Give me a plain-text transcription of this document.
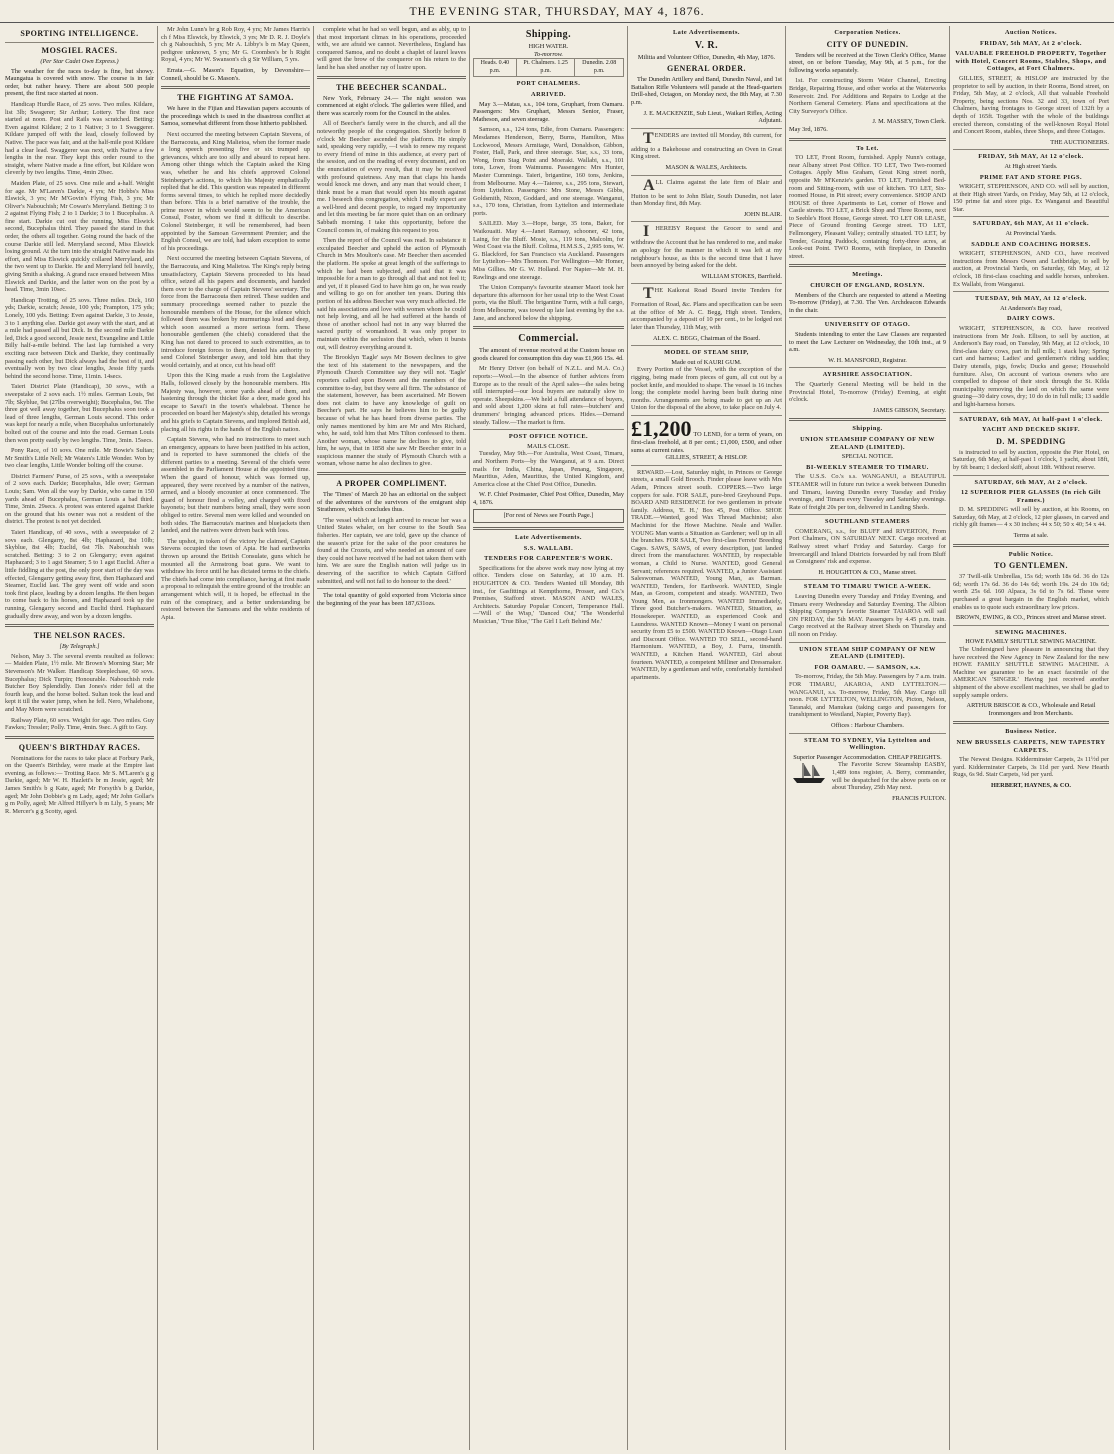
THE EVENING STAR, THURSDAY, MAY 4, 1876.
SPORTING INTELLIGENCE.
MOSGIEL RACES.
(Per Star Cadet Own Express.)

The weather for the races to-day is fine, but showy. Maungatua is covered with snow. The course is in fair order, but rather heavy. There are about 500 people present, the first race started at noon.

Handicap Hurdle Race, of 25 sovs. Two miles. Kildare, list 3lb; Swagerer; Sir Arthur; Lottery. The first race started at noon. Post and Rails was scratched. Betting: Even against Kildare; 2 to 1 Native; 3 to 1 Swaggerer. Kildare jumped off with the lead, closely followed by Native. The pace was fair, and at the half-mile post Kildare had a clear lead. Swaggerer was next, with Native a few lengths in the rear. They kept this order round to the straight, where Native made a fine effort, but Kildare won cleverly by two lengths. Time, 4min 20sec.

Maiden Plate, of 25 sovs. One mile and a-half. Weight for age. Mr M'Laren's Darkie, 4 yrs; Mr Hobbs's Miss Elswick, 3 yrs; Mr M'Govin's Flying Fish, 3 yrs; Mr Oliver's Nabouchish; Mr Cowan's Merryland. Betting: 3 to 2 against Flying Fish; 2 to 1 Darkie; 3 to 1 Bucephalus. A fine start. Darkie cut out the running, Miss Elswick second, Bucephalus third. They passed the stand in that order, the others all together. Going round the back of the course Darkie still led. Merryland second, Miss Elswick losing ground. At the turn into the straight Native made his effort, and Miss Elswick quickly collared Merryland, and the two went up to Darkie. He and Merryland fell heavily, giving Smith a shaking. A grand race ensued between Miss Elswick and Darkie, and the latter won on the post by a head. Time, 3min 10sec.

Handicap Trotting, of 25 sovs. Three miles. Dick, 160 yds; Darkie, scratch; Jessie, 100 yds; Frampton, 175 yds; Lonely, 100 yds. Betting: Even against Darkie, 3 to Jessie, 3 to 1 anything else. Darkie got away with the start, and at a mile had passed all but Dick. In the second mile Darkie led, Dick a good second, Jessie next, Evangeline and Little Billy half-a-mile behind. The last lap furnished a very exciting race between Dick and Darkie, they continually passing each other, but Dick always had the best of it, and eventually won by two clear lengths, Jessie fifty yards behind the second horse. Time, 11min. 14secs.

Taieri District Plate (Handicap), 30 sovs., with a sweepstake of 2 sovs each. 1½ miles. German Louis, 9st 7lb; Skyblue, 9st (27lbs overweight); Bucephalus, 9st. The three got well away together, but Bucephalus soon took a lead of three lengths, German Louis second. This order was kept for nearly a mile, when Bucephalus unfortunately bolted out of the course and into the road. German Louis then won pretty easily by two lengths. Time, 3min. 15secs.

Pony Race, of 10 sovs. One mile. Mr Bowie's Sultan; Mr Smith's Little Nell; Mr Waters's Little Wonder. Won by two clear lengths, Little Wonder bolting off the course.

District Farmers' Purse, of 25 sovs., with a sweepstake of 2 sovs each. Darkie; Bucephalus, Idle over; German Louis; Sam. Won all the way by Darkie, who came in 150 yards ahead of Bucephalus, German Louis a bad third. Time, 3min. 29secs. A protest was entered against Darkie on the ground that his owner was not a resident of the district. The protest is not yet decided.

Taieri Handicap, of 40 sovs., with a sweepstake of 2 sovs each. Glengarry, 8st 4lb; Haphazard, 8st 10lb; Skyblue, 8st 4lb; Euclid, 6st 7lb. Nabouchish was scratched. Betting: 3 to 2 on Glengarry; even against Haphazard; 3 to 1 agst Steamer; 5 to 1 agst Euclid. After a little fiddling at the post, the only poor start of the day was effected, Glengarry getting away first, then Haphazard and Steamer, Euclid last. The grey went off wide and soon took first place, leading by a dozen lengths. He then began to come back to his horses, and Haphazard took up the running, Glengarry second and Euclid third. Haphazard gradually drew away, and won by a dozen lengths.

THE NELSON RACES.
[By Telegraph.]

Nelson, May 3. The several events resulted as follows:— Maiden Plate, 1½ mile. Mr Brown's Morning Star; Mr Stevenson's Mr Walker. Handicap Steeplechase, 60 sovs. Bucephalus; Dick Turpin; Honourable. Nabouchish rode Butcher Boy Splendidly. Dan Jones's rider fell at the fourth leap, and the horse bolted. Sultan took the lead and kept it till the water jump, when he fell. Nero, Whalebone, and May Morn were scratched.

Railway Plate, 60 sovs. Weight for age. Two miles. Guy Fawkes; Tressler; Polly. Time, 4min. 9sec. A gift to Guy.

QUEEN'S BIRTHDAY RACES.

Nominations for the races to take place at Forbury Park, on the Queen's Birthday, were made at the Empire last evening, as follows:— Trotting Race. Mr S. M'Laren's g g Darkie, aged; Mr W. H. Hazlett's br m Jessie, aged; Mr James Smith's b g Kate, aged; Mr Forsyth's b g Darkie, aged; Mr John Dobbie's g m Lady, aged; Mr John Gollar's g m Polly, aged; Mr Alfred Hillyer's b m Lily, 5 years; Mr R. Mercer's g g Scotty, aged.

Mr John Lunn's br g Rob Roy, 4 yrs; Mr James Harris's ch f Miss Elswick, by Elswick, 3 yrs; Mr D. R. J. Doyle's ch g Nabouchish, 5 yrs; Mr A. Libby's b m May Queen, pedigree unknown, 5 yrs; Mr G. Coombes's br h Right Royal, 4 yrs; Mr W. Swanson's ch g Sir William, 5 yrs.

Errata.—G. Mason's Equation, by Devonshire—Conneil, should be G. Mason's.

THE FIGHTING AT SAMOA.

We have in the Fijian and Hawaiian papers accounts of the proceedings which is used in the disastrous conflict at Samoa, somewhat different from those hitherto published.

Next occurred the meeting between Captain Stevens, of the Barracouta, and King Malietoa, when the former made a long speech presenting five or six trumped up grievances, which are too silly and absurd to repeat here. Among other things which the Captain asked the King was, whether he and his chiefs approved Colonel Steinberger's actions, to which his Majesty emphatically replied that he did. This question was repeated in different forms several times, to which he replied more decidedly than before. This is a brief narrative of the trouble, the prime mover in which would seem to be the American Consul, Foster, whom we find it difficult to describe. Colonel Steinberger, it will be remembered, had been appointed by the Samoan Government Premier; and the English Consul, we are told, had taken exception to some of his proceedings.

Next occurred the meeting between Captain Stevens, of the Barracouta, and King Malietoa. The King's reply being unsatisfactory, Captain Stevens proceeded to his head office, seized all his papers and documents, and handed them over to the charge of Captain Stevens' secretary. The force from the Barracouta then retired. These sudden and summary proceedings seemed rather to puzzle the honourable members of the House, for the silence which followed them was broken by murmurings loud and deep, which soon assumed a more serious form. These honourable gentlemen (the chiefs) considered that the King has not dared to proceed to such extremities, as to introduce foreign forces to them, denied his authority to send Colonel Steinberger away, and told him that they would certainly, and at once, cut his head off!

Upon this the King made a rush from the Legislative Halls, followed closely by the honourable members. His Majesty was, however, some yards ahead of them, and hastening through the thicket like a deer, made good his escape to Savai'i in the town's whaleboat. Thence he proceeded on board her Majesty's ship, detailed his wrongs and his griefs to Captain Stevens, and implored British aid, placing all his rights in the hands of the English nation.

Captain Stevens, who had no instructions to meet such an emergency, appears to have been justified in his action, and is reported to have summoned the chiefs of the different parties to a meeting. Several of the chiefs were assembled in the Parliament House at the appointed time. When the guard of honour, which was formed up, appeared, they were received by a number of the natives, armed, and a bloody encounter at once commenced. The guard of honour fired a volley, and charged with fixed bayonets; but their numbers being small, they were soon obliged to retire. Several men were killed and wounded on both sides. The Barracouta's marines and bluejackets then landed, and the natives were driven back with loss.

The upshot, in token of the victory he claimed, Captain Stevens occupied the town of Apia. He had earthworks thrown up around the British Consulate, guns which he mounted all the Armstrong boat guns. We want to withdraw his force until he has dictated terms to the chiefs. The chiefs had come into compliance, having at first made a proposal to relinquish the entire ground of the trouble: an arrangement which will, it is hoped, be effectual in the ruin of the conspiracy, and a better understanding be restored between the Samoans and the white residents of Apia.

complete what he had so well begun, and as ably, up to that most important climax in his operations, proceeded with, we are afraid we cannot. Nevertheless, England has conquered Samoa, and no doubt a chaplet of laurel leaves will greet the brow of the conqueror on his return to the land he has shed another ray of lustre upon.

THE BEECHER SCANDAL.

New York, February 24.— The night session was commenced at eight o'clock. The galleries were filled, and there was scarcely room for the Council in the aisles.

All of Beecher's family were in the church, and all the noteworthy people of the congregation. Shortly before 8 o'clock Mr Beecher ascended the platform. He simply said, speaking very rapidly, —I wish to renew my request to every friend of mine in this audience, at every part of the session, and on the reading of every document, and on the enunciation of every result, that it may be received with profound quietness. Any man that claps his hands would knock me down, and any man that would cheer, I think must be a man that would open his mouth against me. I beseech this congregation, which I really expect are a well-bred and decent people, to regard my importunity and let this meeting be far more quiet than on an ordinary Sabbath morning. I take this opportunity, before the Council comes in, of making this request to you.

Then the report of the Council was read. In substance it exculpated Beecher and upheld the action of Plymouth Church in Mrs Moulton's case. Mr Beecher then ascended the platform. He spoke at great length of the sufferings to which he had been subjected, and said that it was impossible for a man to go through all that and not feel it; and yet, if it pleased God to have him go on, he was ready and willing to go on for another ten years. During this portion of his address Beecher was very much affected. He said his associations and love with women whom he could not help loving, and all he had suffered at the hands of those of another school had not in any way blurred the sacred purity of womanhood. It was only proper to maintain within the seclusion that which, when it bursts out, will destroy everything around it.

The Brooklyn 'Eagle' says Mr Bowen declines to give the text of his statement to the newspapers, and the Plymouth Church Committee say they will not. 'Eagle' reporters called upon Bowen and the members of the committee to-day, but they were all firm. The substance of the statement, however, has been ascertained. Mr Bowen does not claim to have any knowledge of guilt on Beecher's part. He says he believes him to be guilty because of what he has heard from diverse parties. The only names mentioned by him are Mr and Mrs Richard, who, he said, told him that Mrs Tilton confessed to them. Another woman, whose name he declines to give, told him, he says, that in 1858 she saw Mr Beecher enter in a suspicious manner the study of Plymouth Church with a woman, whose name he also declines to give.

A PROPER COMPLIMENT.

The 'Times' of March 20 has an editorial on the subject of the adventures of the survivors of the emigrant ship Strathmore, which concludes thus.

'The vessel which at length arrived to rescue her was a United States whaler, on her course to the South Sea fisheries. Her captain, we are told, gave up the chance of the season's prize for the sake of the poor creatures he found at the Crozets, and who needed an amount of care they could not have received if he had not taken them with him. We are sure the English nation will judge us in deserving of the sacrifice to which Captain Gifford submitted, and will not fail to do honour to the deed.'

The total quantity of gold exported from Victoria since the beginning of the year has been 187,631ozs.

Shipping.
HIGH WATER.
To-morrow.
Heads. 0.40 p.m.	Pt. Chalmers. 1.25 p.m.	Dunedin. 2.08 p.m.
PORT CHALMERS.
ARRIVED.

May 3.—Matau, s.s., 104 tons, Gruphart, from Oamaru. Passengers: Mrs Gruphart, Messrs Senior, Fraser, Matheson, and seven steerage.

Samson, s.s., 124 tons, Edie, from Oamaru. Passengers: Mesdames Henderson, Berry, Burns, Hamilton, Miss Lockwood, Messrs Armitage, Ward, Donaldson, Gibbon, Foster, Hall, Park, and three steerage. Star, s.s., 33 tons, Wong, from Stag Point and Moeraki. Wallabi, s.s., 101 tons, Lowe, from Waimumu. Passengers: Mrs Hunter, Master Cummings. Taieri, brigantine, 160 tons, Jenkins, from Melbourne. May 4.—Taieree, s.s., 295 tons, Stewart, from Lyttelton. Passengers: Mrs Stone, Messrs Gibbs, Goldsmith, Nixon, Goddard, and one steerage. Wanganui, s.s., 170 tons, Christian, from Lyttelton and intermediate ports.

SAILED. May 3.—Hope, barge, 35 tons, Baker, for Waikouaiti. May 4.—Janet Ramsay, schooner, 42 tons, Laing, for the Bluff. Mosie, s.s., 119 tons, Malcolm, for West Coast via the Bluff. Colima, H.M.S.S., 2,995 tons, W. G. Blackford, for San Francisco via Auckland. Passengers for Lyttelton—Mrs Thomson. For Wellington—Mr Homer, Miss Gillies. Mr G. W. Holland. For Napier—Mr M. H. Rawlings and one steerage.

The Union Company's favourite steamer Maori took her departure this afternoon for her usual trip to the West Coast ports, via the Bluff. The brigantine Turm, with a full cargo, from Melbourne, was towed up late last evening by the s.s. Jane, and anchored below the shipping.

Commercial.

The amount of revenue received at the Custom house on goods cleared for consumption this day was £1,966 15s. 4d.

Mr Henry Driver (on behalf of N.Z.L. and M.A. Co.) reports:—Wool.—In the absence of further advices from Europe as to the result of the April sales—the sales being still interrupted—our local buyers are naturally slow to operate. Sheepskins.—We held a full attendance of buyers, and sold about 1,200 skins at full rates—butchers' and drummers' bringing advanced prices. Hides.—Demand steady. Tallow.—The market is firm.

POST OFFICE NOTICE.
MAILS CLOSE.

Tuesday, May 9th.—For Australia, West Coast, Timaru, and Northern Ports—by the Wanganui, at 9 a.m. Direct mails for India, China, Japan, Penang, Singapore, Mauritius, Aden, Mauritius, the United Kingdom, and America close at the Chief Post Office, Dunedin.

W. F. Chief Postmaster, Chief Post Office, Dunedin, May 4, 1876.

[For rest of News see Fourth Page.]
Late Advertisements.
S.S. WALLABI.
TENDERS FOR CARPENTER'S WORK.

Specifications for the above work may now lying at my office. Tenders close on Saturday, at 10 a.m. H. HOUGHTON & CO. Tenders Wanted till Monday, 8th inst., for Gasfittings at Kempthorne, Prosser, and Co.'s Premises, Stafford street. MASON AND WALES, Architects. Saturday Popular Concert, Temperance Hall.—'Will o' the Wisp,' 'Danced Out,' 'The Wonderful Musician,' 'True Blue,' 'The Girl I Left Behind Me.'

Late Advertisements.
V. R.
Militia and Volunteer Office, Dunedin, 4th May, 1876.
GENERAL ORDER.

The Dunedin Artillery and Band, Dunedin Naval, and 1st Battalion Rifle Volunteers will parade at the Head-quarters Drill-shed, Octagon, on Monday next, the 8th May, at 7.30 p.m.

J. E. MACKENZIE, Sub Lieut., Waikari Rifles, Acting Adjutant.

TENDERS are invited till Monday, 8th current, for adding to a Bakehouse and constructing an Oven in Great King street.

MASON & WALES, Architects.

ALL Claims against the late firm of Blair and Hutton to be sent to John Blair, South Dunedin, not later than Monday first, 8th May.

JOHN BLAIR.

I HEREBY Request the Grocer to send and withdraw the Account that he has rendered to me, and make an apology for the manner in which it was left at my neighbour's house, as this is the second time that I have been annoyed by being asked for the debt.

WILLIAM STOKES, Barrfield.

THE Kaikorai Road Board invite Tenders for Formation of Road, &c. Plans and specification can be seen at the office of Mr A. C. Begg, High street. Tenders, accompanied by a deposit of 10 per cent., to be lodged not later than Thursday, 11th May, with

ALEX. C. BEGG, Chairman of the Board.
MODEL OF STEAM SHIP,
Made out of KAURI GUM.

Every Portion of the Vessel, with the exception of the rigging, being made from pieces of gum, all cut out by a pocket knife, and moulded to shape. The vessel is 16 inches long; the complete model having been built during nine months. Arrangements are being made to get up an Art Union for the disposal of the above, to take place on July 4.

£1,200 TO LEND, for a term of years, on first-class freehold, at 8 per cent.; £1,000, £500, and other sums at current rates.
GILLIES, STREET, & HISLOP.

REWARD.—Lost, Saturday night, in Princes or George streets, a small Gold Brooch. Finder please leave with Mrs Adam, Princes street south. COPPERS.—Two large coppers for sale. FOR SALE, pure-bred Greyhound Pups. BOARD AND RESIDENCE for two gentlemen in private family. Address, 'E. H.,' Box 45, Post Office. SHOE TRADE.—Wanted, good Wax Thread Machinist; also Machinist for the Howe Machine. Neale and Waller. YOUNG Man wants a Situation as Gardener; well up in all the branches. FOR SALE, Two first-class Ferrets' Breeding Cages. SAWS, SAWS, of every description, just landed direct from the manufacturer. WANTED, by respectable woman, a Child to Nurse. WANTED, good General Servant; references required. WANTED, a Junior Assistant Saleswoman. WANTED, Young Man, as Barman. WANTED, Tenders, for Earthwork. WANTED, Single Man, as Groom, competent and steady. WANTED, Two Young Men, as Ironmongers. WANTED Immediately, Three good Butcher's-makers. WANTED, Situation, as Housekeeper. WANTED, as experienced Cook and Laundress. WANTED Known—Money I want on personal security from £5 to £500. WANTED Known—Otago Loan and Discount Office. WANTED TO SELL, second-hand Harmonium. WANTED, a Boy, J. Furra, tinsmith. WANTED, a Kitchen Hand. WANTED, Girl about fourteen. WANTED, a competent Milliner and Dressmaker. WANTED, by a gentleman and wife, comfortably furnished apartments.

Corporation Notices.
CITY OF DUNEDIN.

Tenders will be received at the Town Clerk's Office, Manse street, on or before Tuesday, May 9th, at 5 p.m., for the following works separately.

1st. For constructing Storm Water Channel, Erecting Bridge, Repairing House, and other works at the Waterworks Reservoir. 2nd. For Additions and Repairs to Lodge at the Northern General Cemetery. Plans and specifications at the City Surveyor's Office.

J. M. MASSEY, Town Clerk.
May 3rd, 1876.
To Let.

TO LET, Front Room, furnished. Apply Nunn's cottage, near Albany street Post Office. TO LET, Two Two-roomed Cottages. Apply Miss Graham, Great King street north, opposite Mr M'Kenzie's garden. TO LET, Furnished Bed-room and Sitting-room, with use of kitchen. TO LET, Six-roomed House, in Pitt street; every convenience. SHOP AND HOUSE of three Apartments to Let, corner of Howe and Castle streets. TO LET, a Brick Shop and Three Rooms, next to Seeble's Hoot House, George street. TO LET OR LEASE, Piece of Ground fronting George street. TO LET, Fellmongery, Pleasant Valley; centrally situated. TO LET, by Tender, Grazing Paddock, containing forty-three acres, at Look-out Point. TWO Rooms, with fireplace, in Dunedin street.

Meetings.
CHURCH OF ENGLAND, ROSLYN.

Members of the Church are requested to attend a Meeting To-morrow (Friday), at 7.30. The Ven. Archdeacon Edwards in the chair.

UNIVERSITY OF OTAGO.

Students intending to enter the Law Classes are requested to meet the Law Lecturer on Wednesday, the 10th inst., at 9 a.m.

W. H. MANSFORD, Registrar.
AYRSHIRE ASSOCIATION.

The Quarterly General Meeting will be held in the Provincial Hotel, To-morrow (Friday) Evening, at eight o'clock.

JAMES GIBSON, Secretary.
Shipping.
UNION STEAMSHIP COMPANY OF NEW ZEALAND (LIMITED).
SPECIAL NOTICE.
BI-WEEKLY STEAMER TO TIMARU.

The U.S.S. Co.'s s.s. WANGANUI, a BEAUTIFUL STEAMER will in future run twice a week between Dunedin and Timaru, leaving Dunedin every Tuesday and Friday evenings, and Timaru every Tuesday and Saturday evenings. Rate of freight 20s per ton, delivered in Landing Sheds.

SOUTHLAND STEAMERS

COMERANG, s.s., for BLUFF and RIVERTON, From Port Chalmers, ON SATURDAY NEXT. Cargo received at Railway street wharf Friday and Saturday. Cargo for Invercargill and Inland Districts forwarded by rail from Bluff as Consignees' risk and expense.

H. HOUGHTON & CO., Manse street.
STEAM TO TIMARU TWICE A-WEEK.

Leaving Dunedin every Tuesday and Friday Evening, and Timaru every Wednesday and Saturday Evening. The Albion Shipping Company's favorite Steamer TAIAROA will sail ON FRIDAY, the 5th MAY. Passengers by 4.45 p.m. train. Cargo received at the Railway street Sheds on Thursday and till noon on Friday.

UNION STEAM SHIP COMPANY OF NEW ZEALAND (LIMITED).
FOR OAMARU. — SAMSON, s.s.

To-morrow, Friday, the 5th May. Passengers by 7 a.m. train. FOR TIMARU, AKAROA, AND LYTTELTON.—WANGANUI, s.s. To-morrow, Friday, 5th May. Cargo till noon. FOR LYTTELTON, WELLINGTON, Picton, Nelson, Taranaki, and Manukau (taking cargo and passengers for transhipment to Westland, Napier, Poverty Bay).

Offices : Harbour Chambers.
STEAM TO SYDNEY, Via Lyttelton and Wellington.
Superior Passenger Accommodation. CHEAP FREIGHTS.

The Favorite Screw Steamship EASBY, 1,489 tons register, A. Berry, commander, will be despatched for the above ports on or about Thursday, 25th May next.

FRANCIS FULTON.
Auction Notices.
FRIDAY, 5th MAY, At 2 o'clock.
VALUABLE FREEHOLD PROPERTY, Together with Hotel, Concert Rooms, Stables, Shops, and Cottages, at Fort Chalmers.

GILLIES, STREET, & HISLOP are instructed by the proprietor to sell by auction, in their Rooms, Bond street, on Friday, 5th May, at 2 o'clock, All that valuable Freehold Property, being sections Nos. 32 and 33, town of Port Chalmers, having frontages to George street of 132ft by a depth of 165ft. Together with the whole of the buildings erected thereon, consisting of the well-known Royal Hotel and Concert Room, stables, three Shops, and three Cottages.

THE AUCTIONEERS.
FRIDAY, 5th MAY, At 12 o'clock.
At High street Yards.
PRIME FAT AND STORE PIGS.

WRIGHT, STEPHENSON, AND CO. will sell by auction, at their High street Yards, on Friday, May 5th, at 12 o'clock, 150 prime fat and store pigs. Ex Wanganui and Beautiful Star.

SATURDAY, 6th MAY, At 11 o'clock.
At Provincial Yards.
SADDLE AND COACHING HORSES.

WRIGHT, STEPHENSON, AND CO., have received instructions from Messrs Owen and Lethbridge, to sell by auction, at Provincial Yards, on Saturday, 6th May, at 12 o'clock, 18 first-class coaching and saddle horses, unbroken. Ex Wallabi, from Wanganui.

TUESDAY, 9th MAY, At 12 o'clock.
At Anderson's Bay road,
DAIRY COWS.

WRIGHT, STEPHENSON, & CO. have received instructions from Mr Josh. Ellison, to sell by auction, at Anderson's Bay road, on Tuesday, 9th May, at 12 o'clock, 10 first-class dairy cows, part in full milk; 1 stack hay; Spring cart and harness; Ladies' and gentlemen's riding saddles; Dairy utensils, pigs, fowls; Ducks and geese; Household furniture. Also, On account of various owners who are compelled to dispose of their stock through the St. Kilda municipality removing the land on which the same were grazing—30 dairy cows, dry; 10 do do in full milk; 13 saddle and light-harness horses.

SATURDAY, 6th MAY, At half-past 1 o'clock.
YACHT AND DECKED SKIFF.
D. M. SPEDDING

is instructed to sell by auction, opposite the Pier Hotel, on Saturday, 6th May, at half-past 1 o'clock, 1 yacht, about 18ft, by 6ft beam; 1 decked skiff, about 18ft. Without reserve.

SATURDAY, 6th MAY, At 2 o'clock.
12 SUPERIOR PIER GLASSES (In rich Gilt Frames.)

D. M. SPEDDING will sell by auction, at his Rooms, on Saturday, 6th May, at 2 o'clock, 12 pier glasses, in carved and richly gilt frames— 4 x 30 inches; 44 x 50; 50 x 40; 54 x 44.

Terms at sale.
Public Notice.
TO GENTLEMEN.

37 Twill-silk Umbrellas, 15s 6d; worth 18s 6d. 36 do 12s 6d; worth 17s 6d. 36 do 14s 6d; worth 19s. 24 do 10s 6d; worth 25s 6d. 160 Alpaca, 3s 6d to 7s 6d. These were purchased a great bargain in the English market, which enables us to quote such extraordinary low prices.

BROWN, EWING, & CO., Princes street and Manse street.
SEWING MACHINES.
HOWE FAMILY SHUTTLE SEWING MACHINE.

The Undersigned have pleasure in announcing that they have received the New Agency in New Zealand for the new HOWE FAMILY SHUTTLE SEWING MACHINE. A Machine we guarantee to be an exact facsimile of the AMERICAN 'SINGER.' Having just received another shipment of the above excellent machines, we shall be glad to supply sample orders.

ARTHUR BRISCOE & CO., Wholesale and Retail Ironmongers and Iron Merchants.
Business Notice.
NEW BRUSSELS CARPETS, NEW TAPESTRY CARPETS.

The Newest Designs. Kidderminster Carpets, 2s 11½d per yard. Kidderminster Carpets, 3s 11d per yard. New Hearth Rugs, 6s 9d. Stair Carpets, ¼d per yard.

HERBERT, HAYNES, & CO.
